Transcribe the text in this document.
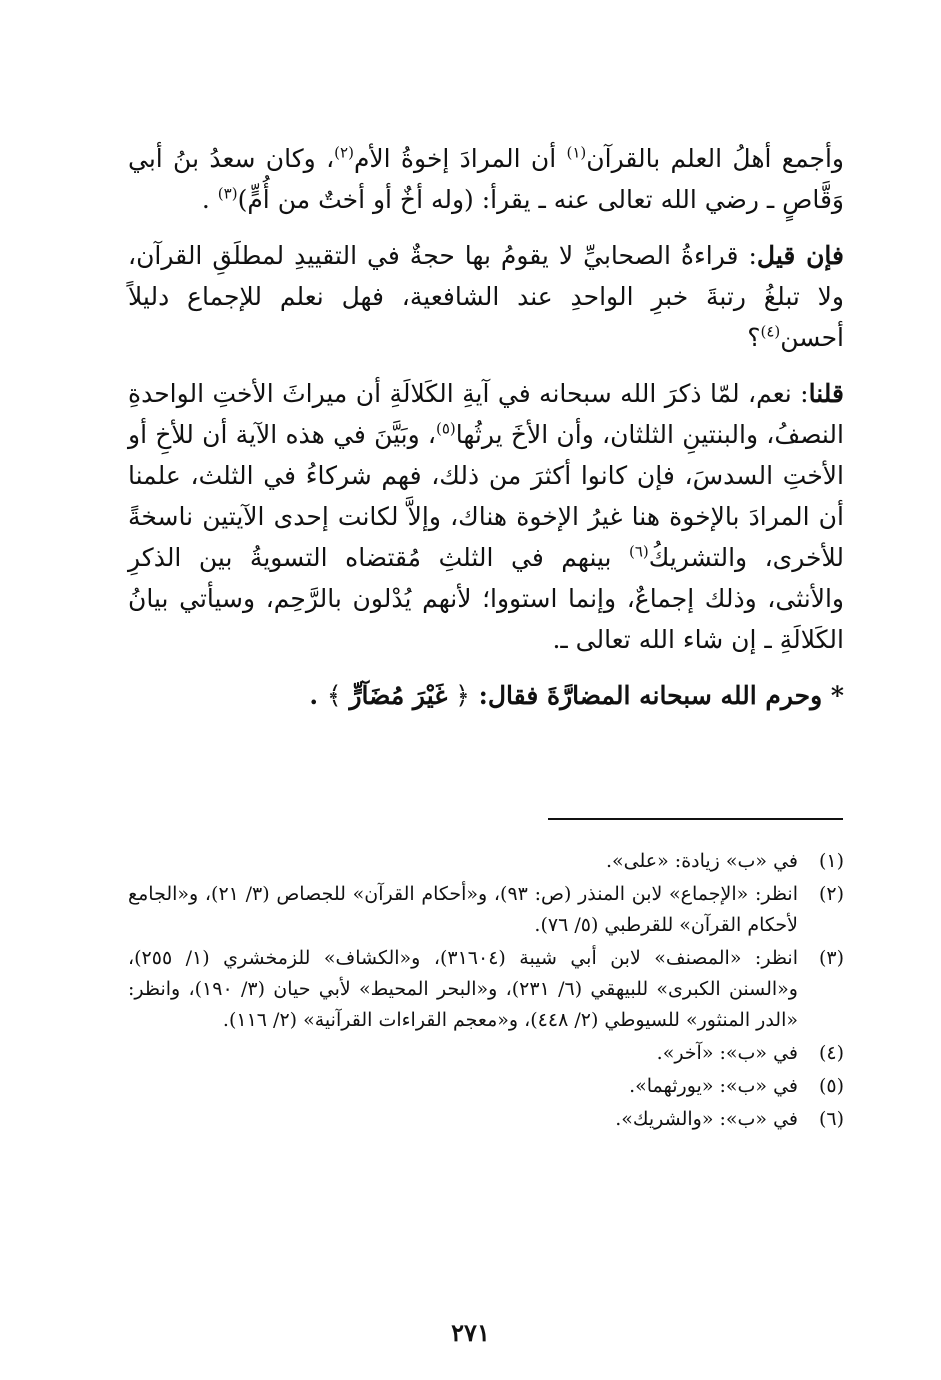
وأجمع أهلُ العلم بالقرآن$^{(١)}$ أن المرادَ إخوةُ الأم$^{(٢)}$، وكان سعدُ بنُ أبي وَقَّاصٍ ـ رضي الله تعالى عنه ـ يقرأ: (وله أخٌ أو أختٌ من أُمٍّ)$^{(٣)}$ .

فإن قيل: قراءةُ الصحابيِّ لا يقومُ بها حجةٌ في التقييدِ لمطلَقِ القرآن، ولا تبلغُ رتبةَ خبرِ الواحدِ عند الشافعية، فهل نعلم للإجماع دليلاً أحسن$^{(٤)}$؟

قلنا: نعم، لمّا ذكرَ الله سبحانه في آيةِ الكَلالَةِ أن ميراثَ الأختِ الواحدةِ النصفُ، والبنتينِ الثلثان، وأن الأخَ يرثُها$^{(٥)}$، وبَيَّنَ في هذه الآية أن للأخِ أو الأختِ السدسَ، فإن كانوا أكثرَ من ذلك، فهم شركاءُ في الثلث، علمنا أن المرادَ بالإخوة هنا غيرُ الإخوة هناك، وإلاَّ لكانت إحدى الآيتين ناسخةً للأخرى، والتشريكُ$^{(٦)}$ بينهم في الثلثِ مُقتضاه التسويةُ بين الذكرِ والأنثى، وذلك إجماعٌ، وإنما استووا؛ لأنهم يُدْلون بالرَّحِم، وسيأتي بيانُ الكَلالَةِ ـ إن شاء الله تعالى ـ.

* وحرم الله سبحانه المضارَّةَ فقال: ﴿ غَيْرَ مُضَآرٍّ ﴾ .

(١)
في «ب» زيادة: «على».
(٢)
انظر: «الإجماع» لابن المنذر (ص: ٩٣)، و«أحكام القرآن» للجصاص (٣/ ٢١)، و«الجامع لأحكام القرآن» للقرطبي (٥/ ٧٦).
(٣)
انظر: «المصنف» لابن أبي شيبة (٣١٦٠٤)، و«الكشاف» للزمخشري (١/ ٢٥٥)، و«السنن الكبرى» للبيهقي (٦/ ٢٣١)، و«البحر المحيط» لأبي حيان (٣/ ١٩٠)، وانظر: «الدر المنثور» للسيوطي (٢/ ٤٤٨)، و«معجم القراءات القرآنية» (٢/ ١١٦).
(٤)
في «ب»: «آخر».
(٥)
في «ب»: «يورثهما».
(٦)
في «ب»: «والشريك».
٢٧١
